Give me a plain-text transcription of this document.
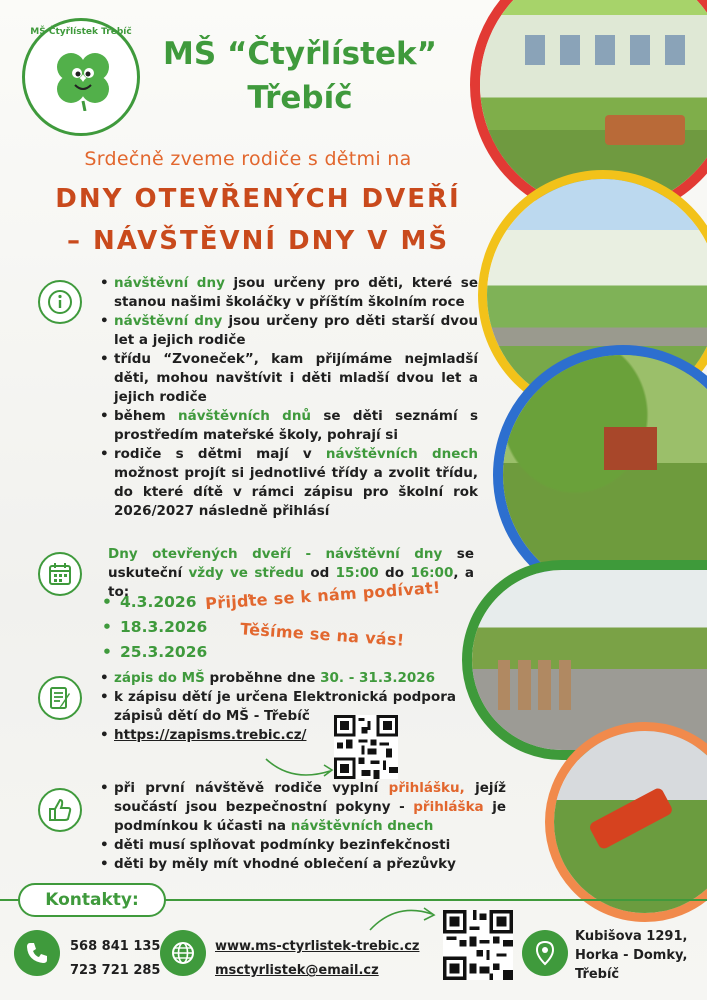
MŠ Čtyřlístek Třebíč
MŠ “Čtyřlístek”
Třebíč
Srdečně zveme rodiče s dětmi na
DNY OTEVŘENÝCH DVEŘÍ
– NÁVŠTĚVNÍ DNY V MŠ
• návštěvní dny jsou určeny pro děti, které se stanou našimi školáčky v příštím školním roce
• návštěvní dny jsou určeny pro děti starší dvou let a jejich rodiče
• třídu “Zvoneček”, kam přijímáme nejmladší děti, mohou navštívit i děti mladší dvou let a jejich rodiče
• během návštěvních dnů se děti seznámí s prostředím mateřské školy, pohrají si
• rodiče s dětmi mají v návštěvních dnech možnost projít si jednotlivé třídy a zvolit třídu, do které dítě v rámci zápisu pro školní rok 2026/2027 následně přihlásí
Dny otevřených dveří - návštěvní dny se uskuteční vždy ve středu od 15:00 do 16:00, a to:
• 4.3.2026
• 18.3.2026
• 25.3.2026
Přijďte se k nám podívat!
Těšíme se na vás!
• zápis do MŠ proběhne dne 30. - 31.3.2026
• k zápisu dětí je určena Elektronická podpora zápisů dětí do MŠ - Třebíč
• https://zapisms.trebic.cz/
• při první návštěvě rodiče vyplní přihlášku, jejíž součástí jsou bezpečnostní pokyny - přihláška je podmínkou k účasti na návštěvních dnech
• děti musí splňovat podmínky bezinfekčnosti
• děti by měly mít vhodné oblečení a přezůvky
Kontakty:
568 841 135
723 721 285
www.ms-ctyrlistek-trebic.cz
msctyrlistek@email.cz
Kubišova 1291,
Horka - Domky,
Třebíč
